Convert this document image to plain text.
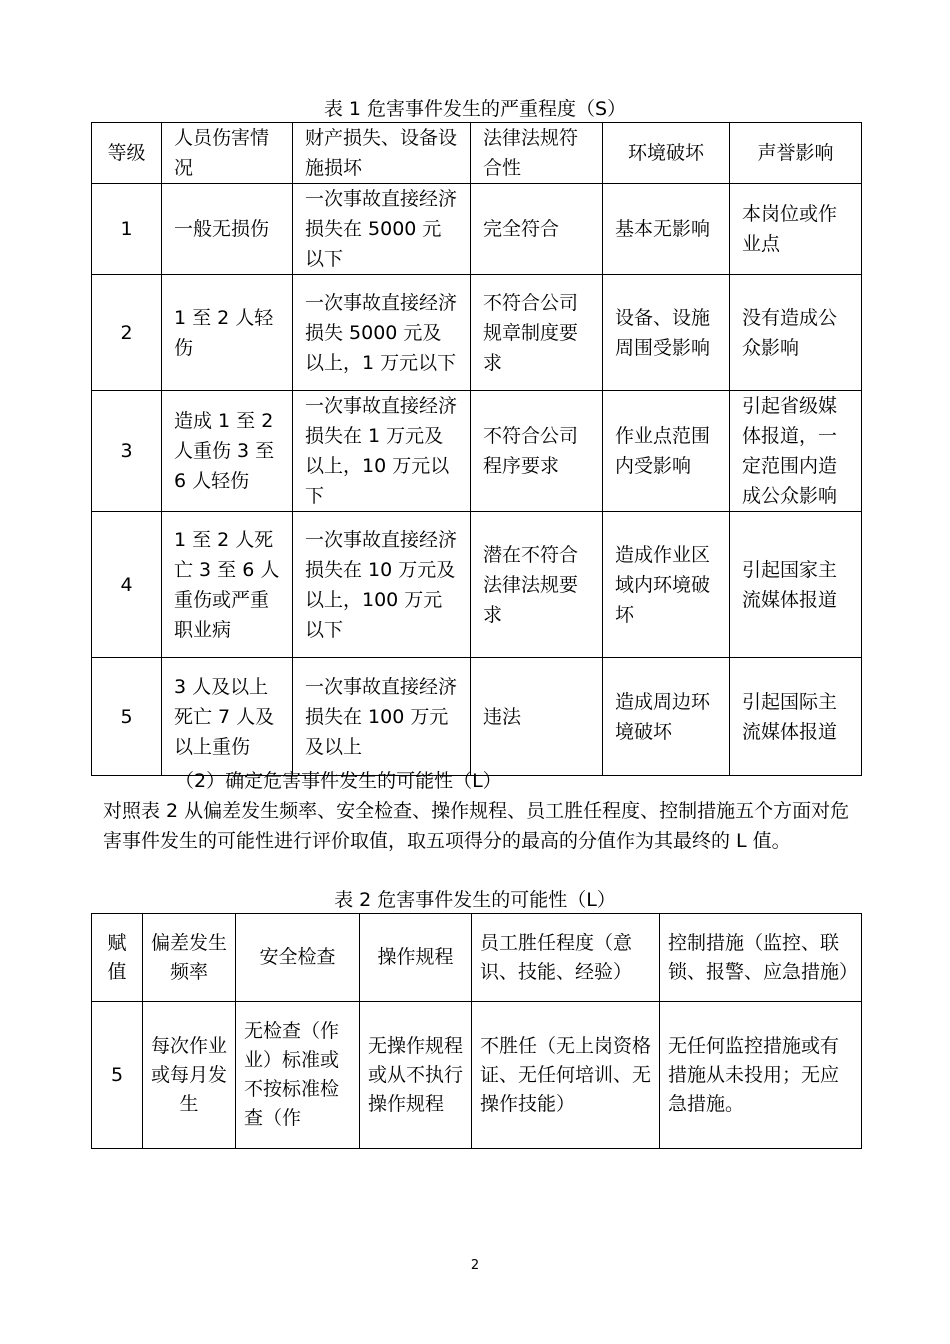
表 1 危害事件发生的严重程度（S）
等级	人员伤害情况	财产损失、设备设施损坏	法律法规符合性	环境破坏	声誉影响
1	一般无损伤	一次事故直接经济损失在 5000 元以下	完全符合	基本无影响	本岗位或作业点
2	1 至 2 人轻伤	一次事故直接经济损失 5000 元及以上，1 万元以下	不符合公司规章制度要求	设备、设施周围受影响	没有造成公众影响
3	造成 1 至 2 人重伤 3 至 6 人轻伤	一次事故直接经济损失在 1 万元及以上，10 万元以下	不符合公司程序要求	作业点范围内受影响	引起省级媒体报道，一定范围内造成公众影响
4	1 至 2 人死亡 3 至 6 人重伤或严重职业病	一次事故直接经济损失在 10 万元及以上，100 万元以下	潜在不符合法律法规要求	造成作业区域内环境破坏	引起国家主流媒体报道
5	3 人及以上死亡 7 人及以上重伤	一次事故直接经济损失在 100 万元及以上	违法	造成周边环境破坏	引起国际主流媒体报道
（2）确定危害事件发生的可能性（L）
对照表 2 从偏差发生频率、安全检查、操作规程、员工胜任程度、控制措施五个方面对危害事件发生的可能性进行评价取值，取五项得分的最高的分值作为其最终的 L 值。
表 2 危害事件发生的可能性（L）
赋值	偏差发生频率	安全检查	操作规程	员工胜任程度（意识、技能、经验）	控制措施（监控、联锁、报警、应急措施）
5	每次作业或每月发生	无检查（作业）标准或不按标准检查（作	无操作规程或从不执行操作规程	不胜任（无上岗资格证、无任何培训、无操作技能）	无任何监控措施或有措施从未投用；无应急措施。
2
